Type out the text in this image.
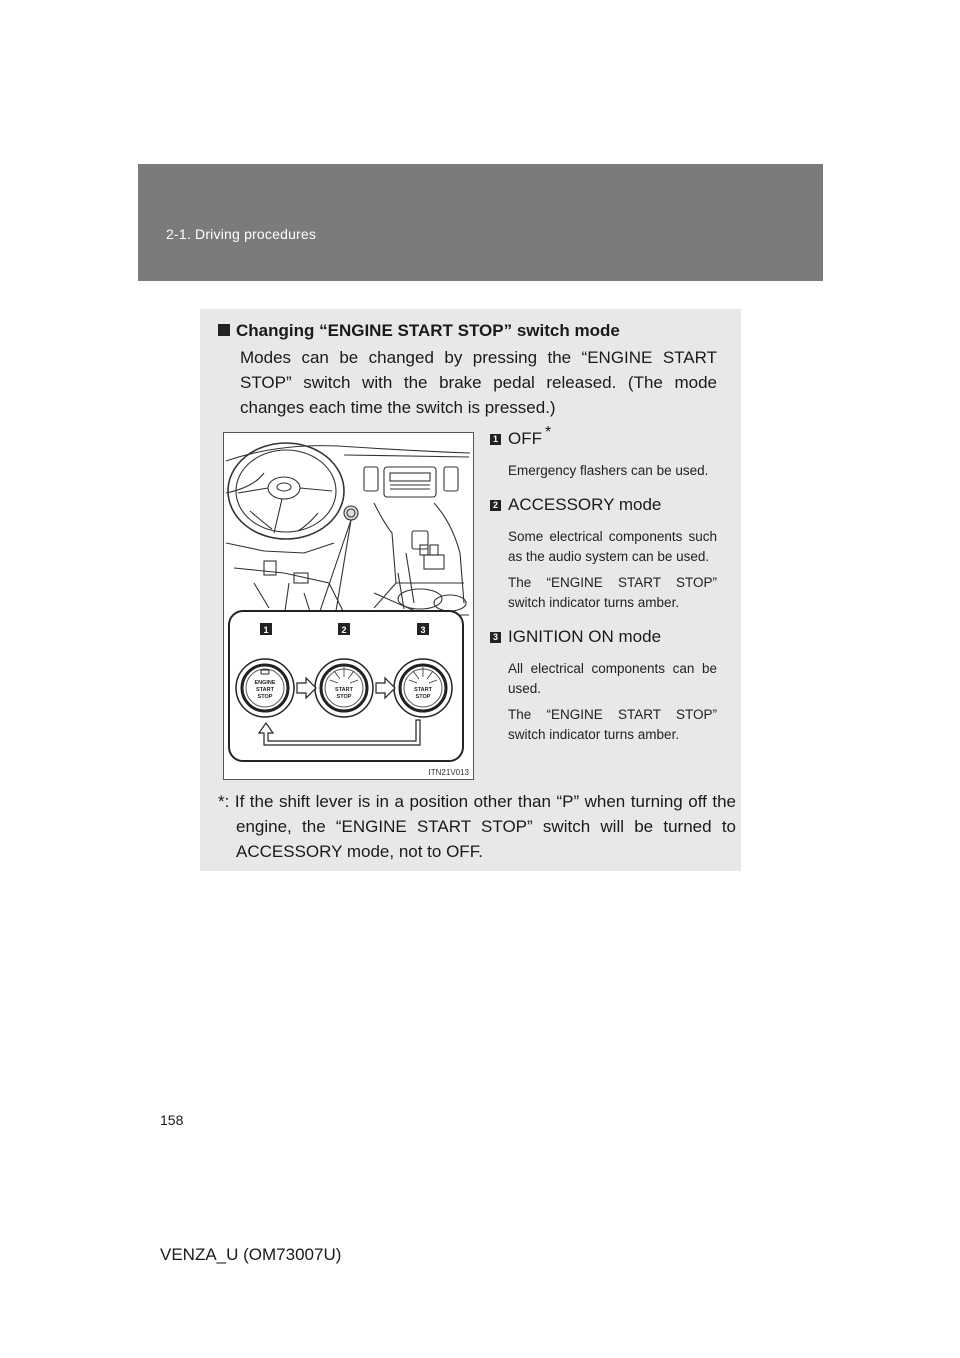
2-1. Driving procedures
Changing “ENGINE START STOP” switch mode
Modes can be changed by pressing the “ENGINE START STOP” switch with the brake pedal released. (The mode changes each time the switch is pressed.)
1	2	3
ENGINE
START
STOP
START
STOP
START
STOP
ITN21V013
1 OFF *
Emergency flashers can be used.
2 ACCESSORY mode
Some electrical components such as the audio system can be used.
The “ENGINE START STOP” switch indicator turns amber.
3 IGNITION ON mode
All electrical components can be used.
The “ENGINE START STOP” switch indicator turns amber.
*: If the shift lever is in a position other than “P” when turning off the engine, the “ENGINE START STOP” switch will be turned to ACCESSORY mode, not to OFF.
158
VENZA_U (OM73007U)
